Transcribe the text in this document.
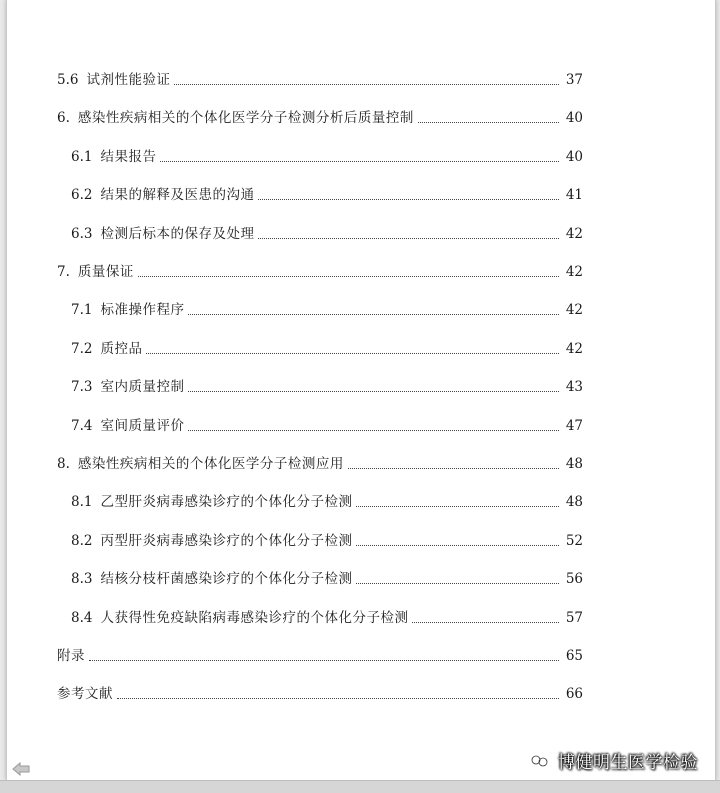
5.6 试剂性能验证	37
6. 感染性疾病相关的个体化医学分子检测分析后质量控制	40
6.1 结果报告	40
6.2 结果的解释及医患的沟通	41
6.3 检测后标本的保存及处理	42
7. 质量保证	42
7.1 标准操作程序	42
7.2 质控品	42
7.3 室内质量控制	43
7.4 室间质量评价	47
8. 感染性疾病相关的个体化医学分子检测应用	48
8.1 乙型肝炎病毒感染诊疗的个体化分子检测	48
8.2 丙型肝炎病毒感染诊疗的个体化分子检测	52
8.3 结核分枝杆菌感染诊疗的个体化分子检测	56
8.4 人获得性免疫缺陷病毒感染诊疗的个体化分子检测	57
附录	65
参考文献	66
博健明生医学检验
